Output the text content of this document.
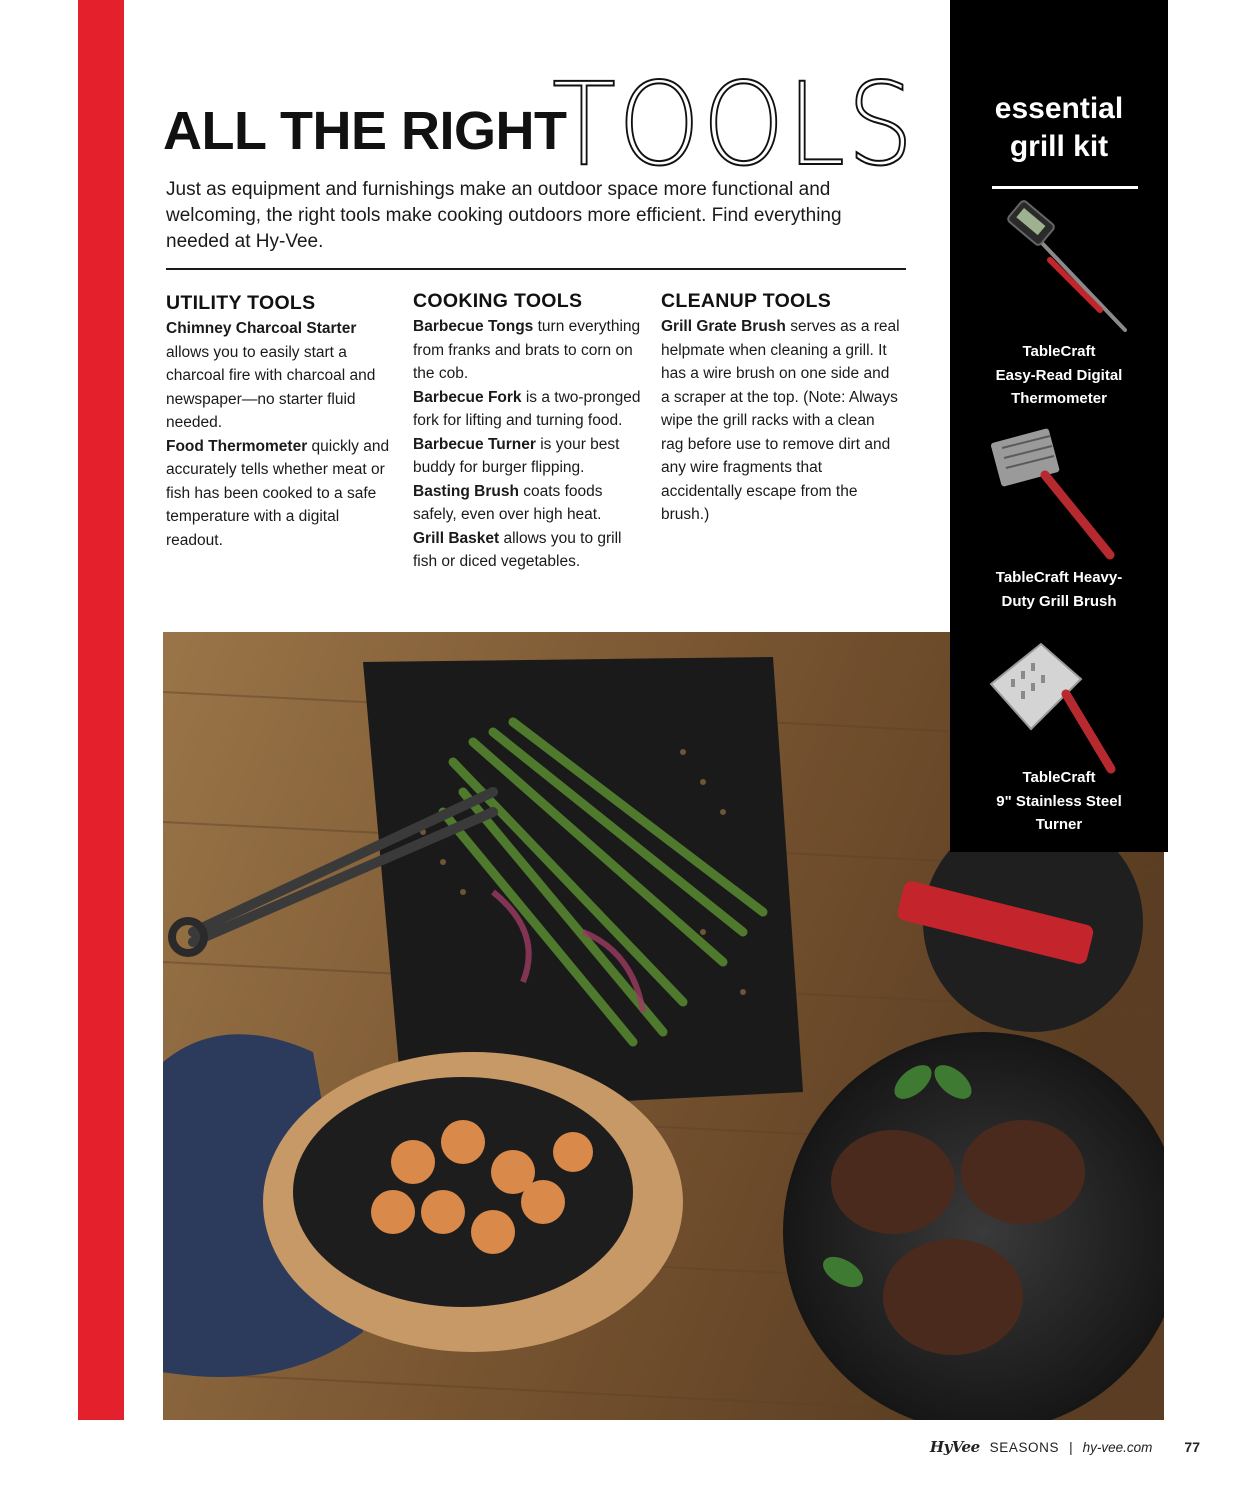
ALL THE RIGHT
TOOLS

Just as equipment and furnishings make an outdoor space more functional and welcoming, the right tools make cooking outdoors more efficient. Find everything needed at Hy-Vee.

UTILITY TOOLS

Chimney Charcoal Starter allows you to easily start a charcoal fire with charcoal and newspaper—no starter fluid needed.

Food Thermometer quickly and accurately tells whether meat or fish has been cooked to a safe temperature with a digital readout.

COOKING TOOLS

Barbecue Tongs turn everything from franks and brats to corn on the cob.

Barbecue Fork is a two-pronged fork for lifting and turning food.

Barbecue Turner is your best buddy for burger flipping.

Basting Brush coats foods safely, even over high heat.

Grill Basket allows you to grill fish or diced vegetables.

CLEANUP TOOLS

Grill Grate Brush serves as a real helpmate when cleaning a grill. It has a wire brush on one side and a scraper at the top. (Note: Always wipe the grill racks with a clean rag before use to remove dirt and any wire fragments that accidentally escape from the brush.)

essential
grill kit
TableCraft
Easy-Read Digital
Thermometer
TableCraft Heavy-
Duty Grill Brush
TableCraft
9" Stainless Steel
Turner
HyVee SEASONS | hy-vee.com 77
